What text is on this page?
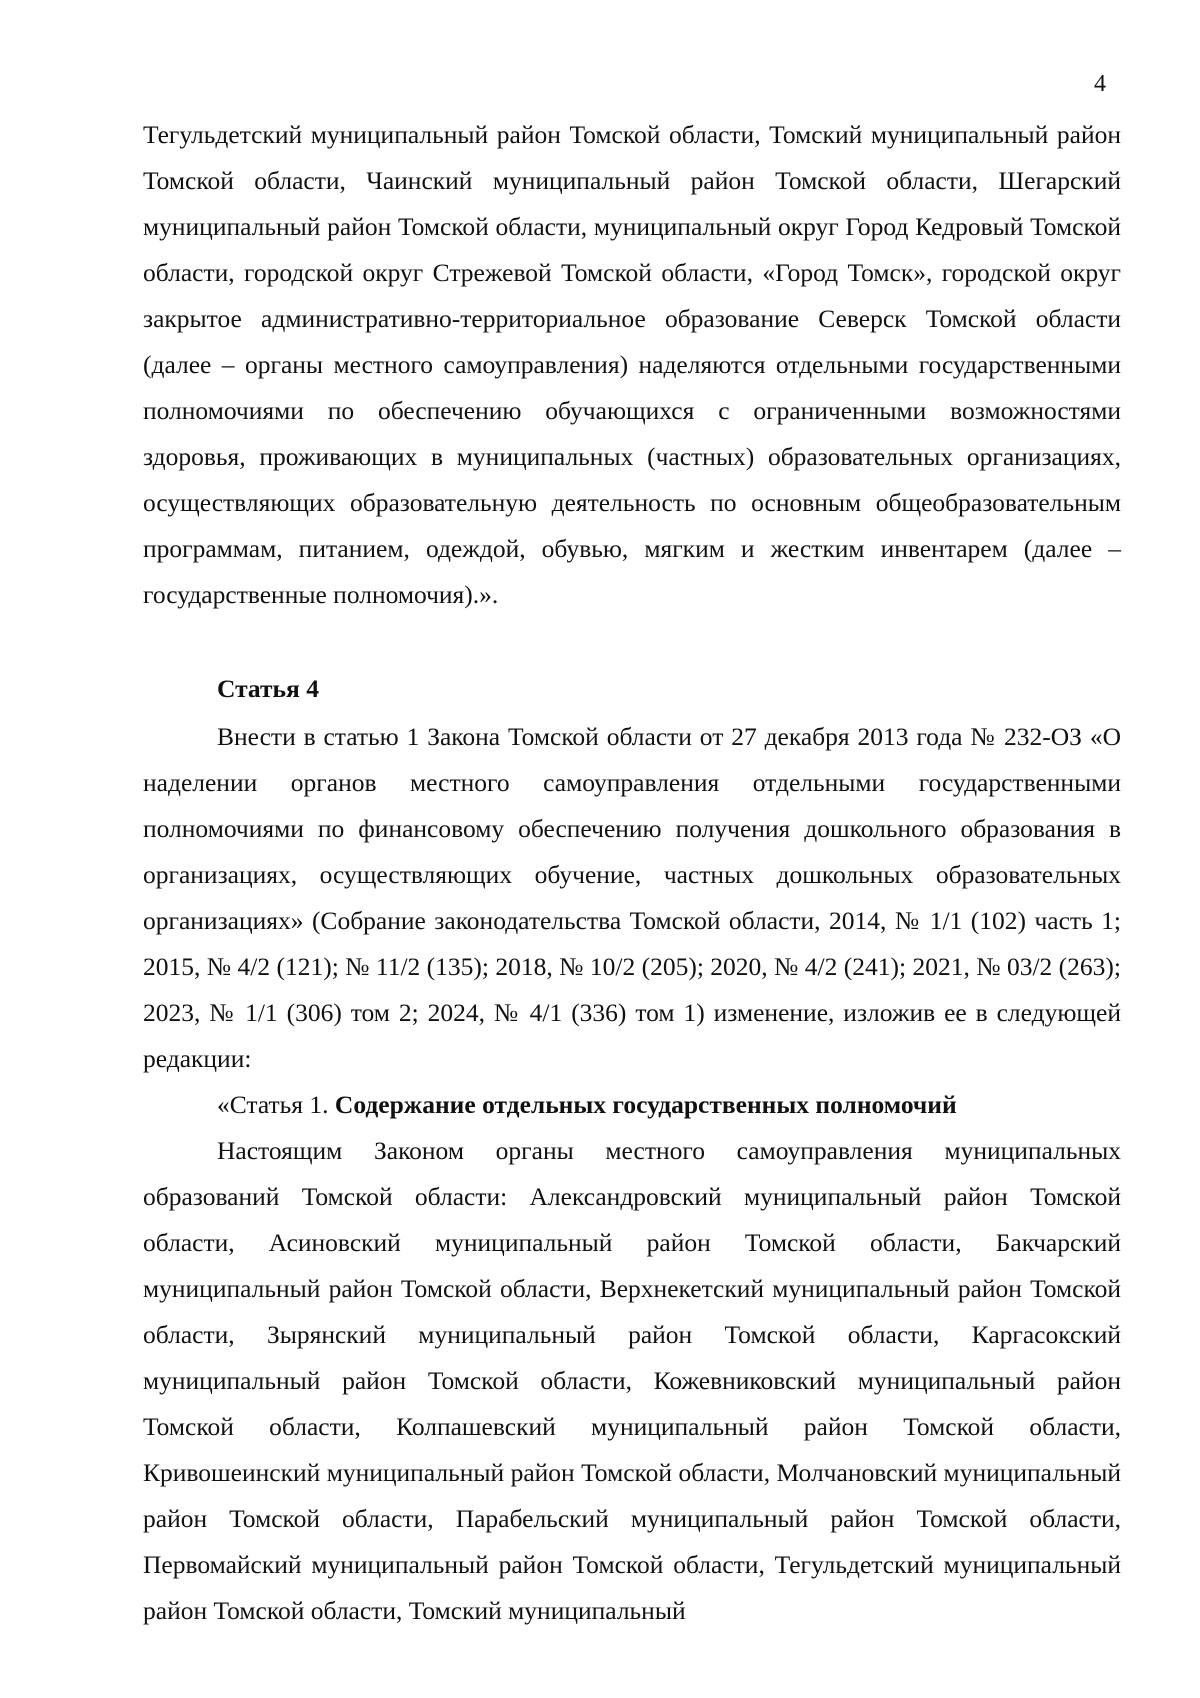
4

Тегульдетский муниципальный район Томской области, Томский муниципальный район Томской области, Чаинский муниципальный район Томской области, Шегарский муниципальный район Томской области, муниципальный округ Город Кедровый Томской области, городской округ Стрежевой Томской области, «Город Томск», городской округ закрытое административно-территориальное образование Северск Томской области (далее – органы местного самоуправления) наделяются отдельными государственными полномочиями по обеспечению обучающихся с ограниченными возможностями здоровья, проживающих в муниципальных (частных) образовательных организациях, осуществляющих образовательную деятельность по основным общеобразовательным программам, питанием, одеждой, обувью, мягким и жестким инвентарем (далее – государственные полномочия).».

Статья 4

Внести в статью 1 Закона Томской области от 27 декабря 2013 года № 232-ОЗ «О наделении органов местного самоуправления отдельными государственными полномочиями по финансовому обеспечению получения дошкольного образования в организациях, осуществляющих обучение, частных дошкольных образовательных организациях» (Собрание законодательства Томской области, 2014, № 1/1 (102) часть 1; 2015, № 4/2 (121); № 11/2 (135); 2018, № 10/2 (205); 2020, № 4/2 (241); 2021, № 03/2 (263); 2023, № 1/1 (306) том 2; 2024, № 4/1 (336) том 1) изменение, изложив ее в следующей редакции:

«Статья 1. Содержание отдельных государственных полномочий

Настоящим Законом органы местного самоуправления муниципальных образований Томской области: Александровский муниципальный район Томской области, Асиновский муниципальный район Томской области, Бакчарский муниципальный район Томской области, Верхнекетский муниципальный район Томской области, Зырянский муниципальный район Томской области, Каргасокский муниципальный район Томской области, Кожевниковский муниципальный район Томской области, Колпашевский муниципальный район Томской области, Кривошеинский муниципальный район Томской области, Молчановский муниципальный район Томской области, Парабельский муниципальный район Томской области, Первомайский муниципальный район Томской области, Тегульдетский муниципальный район Томской области, Томский муниципальный
